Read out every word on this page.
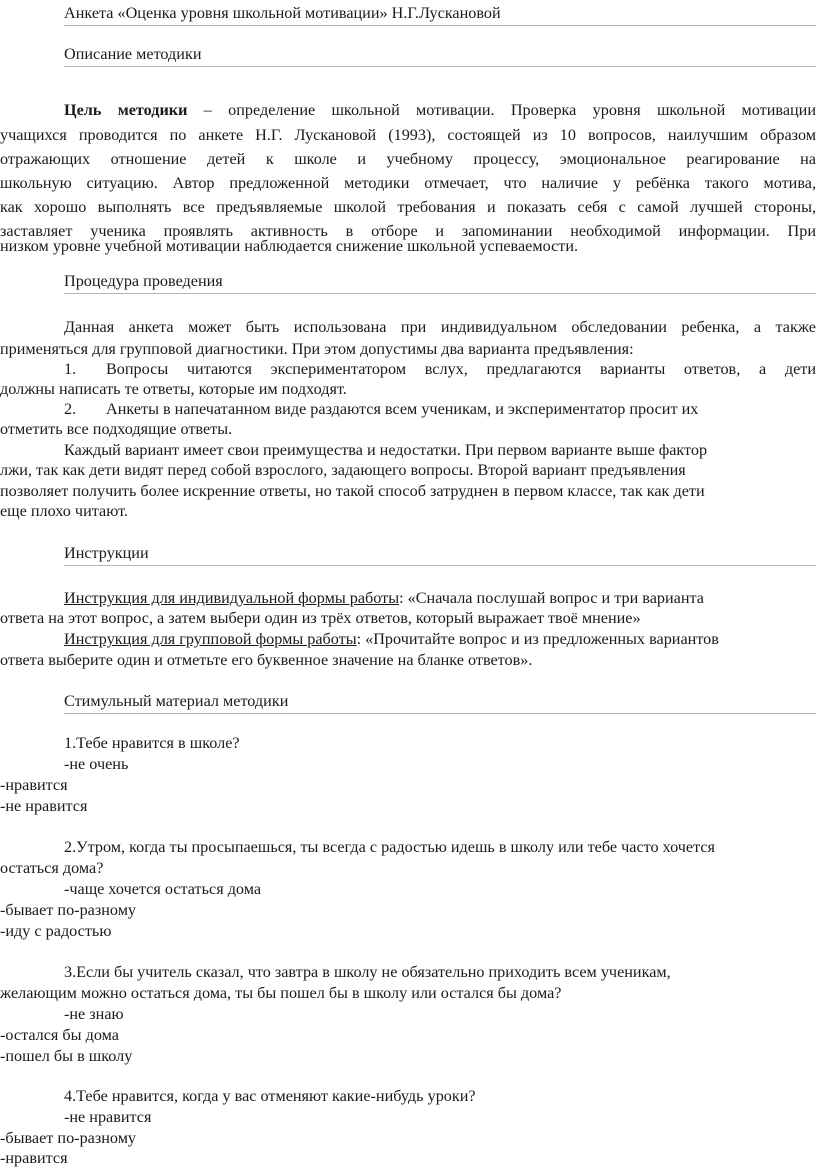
Анкета «Оценка уровня школьной мотивации» Н.Г.Лускановой
Описание методики
Цель методики – определение школьной мотивации. Проверка уровня школьной мотивации
учащихся проводится по анкете Н.Г. Лускановой (1993), состоящей из 10 вопросов, наилучшим образом
отражающих отношение детей к школе и учебному процессу, эмоциональное реагирование на
школьную ситуацию. Автор предложенной методики отмечает, что наличие у ребёнка такого мотива,
как хорошо выполнять все предъявляемые школой требования и показать себя с самой лучшей стороны,
заставляет ученика проявлять активность в отборе и запоминании необходимой информации. При
низком уровне учебной мотивации наблюдается снижение школьной успеваемости.
Процедура проведения
Данная анкета может быть использована при индивидуальном обследовании ребенка, а также
применяться для групповой диагностики. При этом допустимы два варианта предъявления:
1. Вопросы читаются экспериментатором вслух, предлагаются варианты ответов, а дети
должны написать те ответы, которые им подходят.
2. Анкеты в напечатанном виде раздаются всем ученикам, и экспериментатор просит их
отметить все подходящие ответы.
Каждый вариант имеет свои преимущества и недостатки. При первом варианте выше фактор
лжи, так как дети видят перед собой взрослого, задающего вопросы. Второй вариант предъявления
позволяет получить более искренние ответы, но такой способ затруднен в первом классе, так как дети
еще плохо читают.
Инструкции
Инструкция для индивидуальной формы работы: «Сначала послушай вопрос и три варианта
ответа на этот вопрос, а затем выбери один из трёх ответов, который выражает твоё мнение»
Инструкция для групповой формы работы: «Прочитайте вопрос и из предложенных вариантов
ответа выберите один и отметьте его буквенное значение на бланке ответов».
Стимульный материал методики
1.Тебе нравится в школе?
-не очень
-нравится
-не нравится
2.Утром, когда ты просыпаешься, ты всегда с радостью идешь в школу или тебе часто хочется
остаться дома?
-чаще хочется остаться дома
-бывает по-разному
-иду с радостью
3.Если бы учитель сказал, что завтра в школу не обязательно приходить всем ученикам,
желающим можно остаться дома, ты бы пошел бы в школу или остался бы дома?
-не знаю
-остался бы дома
-пошел бы в школу
4.Тебе нравится, когда у вас отменяют какие-нибудь уроки?
-не нравится
-бывает по-разному
-нравится
